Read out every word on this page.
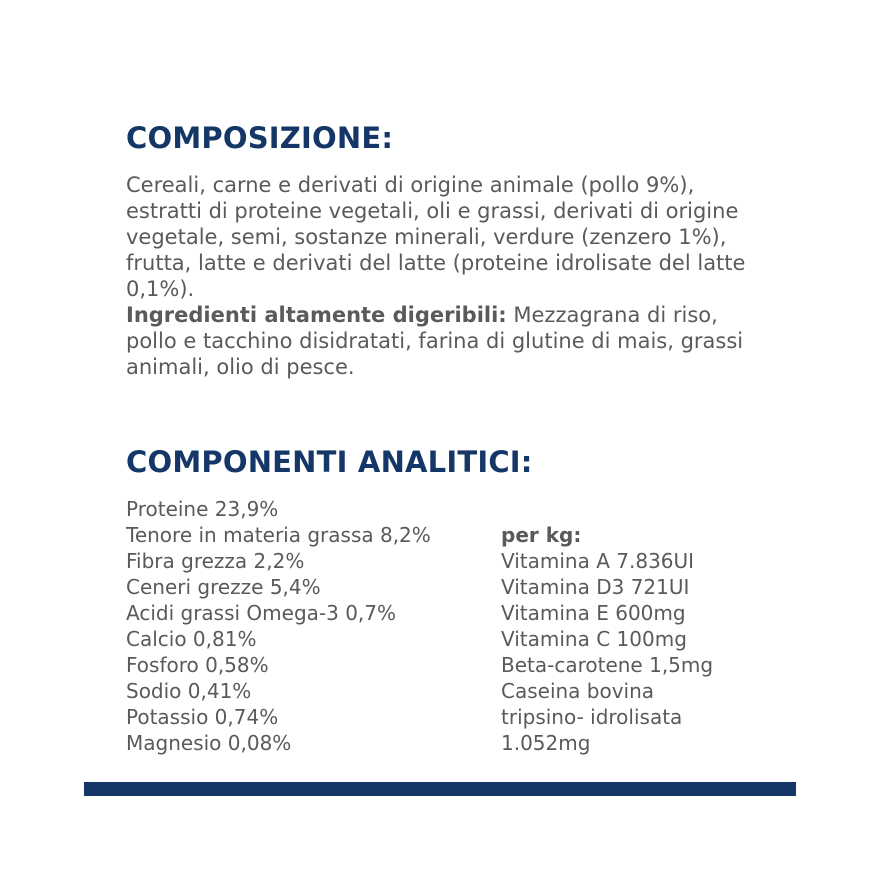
COMPOSIZIONE:

Cereali, carne e derivati di origine animale (pollo 9%), estratti di proteine vegetali, oli e grassi, derivati di origine vegetale, semi, sostanze minerali, verdure (zenzero 1%), frutta, latte e derivati del latte (proteine idrolisate del latte 0,1%).
Ingredienti altamente digeribili: Mezzagrana di riso, pollo e tacchino disidratati, farina di glutine di mais, grassi animali, olio di pesce.

COMPONENTI ANALITICI:
Proteine 23,9%
Tenore in materia grassa 8,2%
Fibra grezza 2,2%
Ceneri grezze 5,4%
Acidi grassi Omega-3 0,7%
Calcio 0,81%
Fosforo 0,58%
Sodio 0,41%
Potassio 0,74%
Magnesio 0,08%
per kg:
Vitamina A 7.836UI
Vitamina D3 721UI
Vitamina E 600mg
Vitamina C 100mg
Beta-carotene 1,5mg
Caseina bovina
tripsino- idrolisata
1.052mg
